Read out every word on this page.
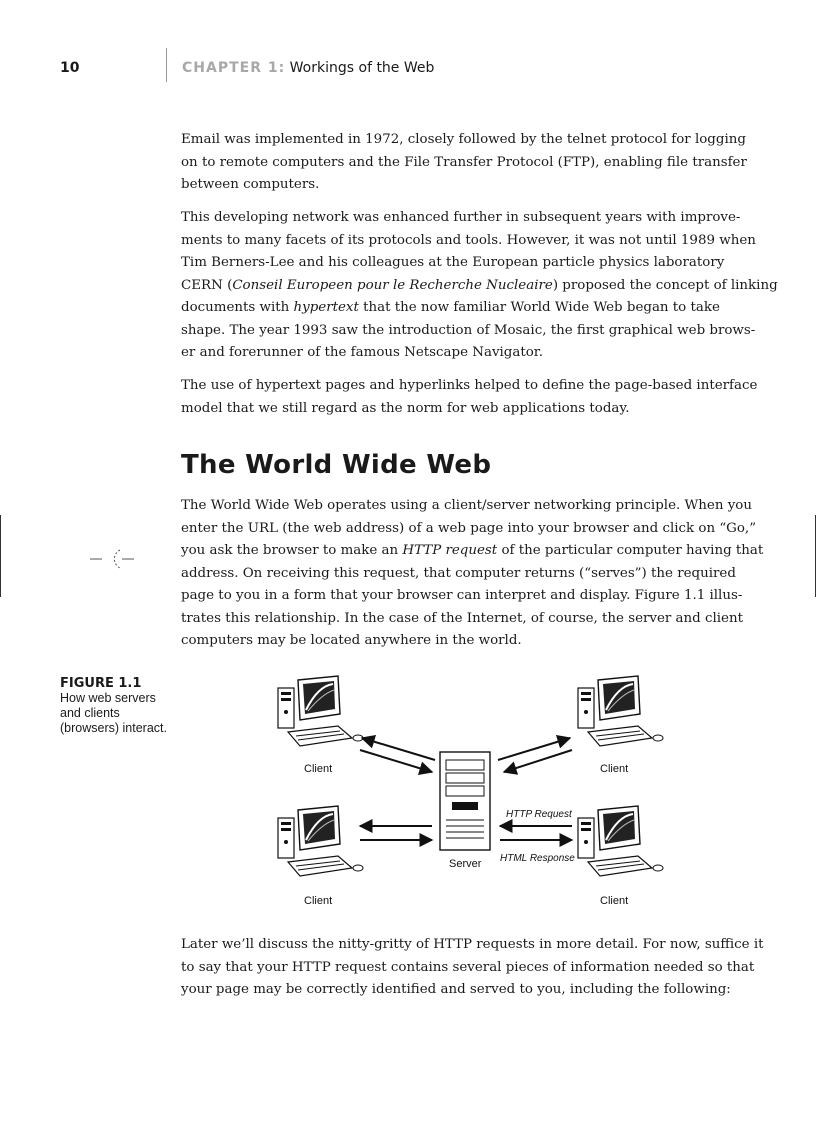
10	CHAPTER 1: Workings of the Web

Email was implemented in 1972, closely followed by the telnet protocol for logging
on to remote computers and the File Transfer Protocol (FTP), enabling file transfer
between computers.

This developing network was enhanced further in subsequent years with improve-
ments to many facets of its protocols and tools. However, it was not until 1989 when
Tim Berners-Lee and his colleagues at the European particle physics laboratory
CERN (Conseil Europeen pour le Recherche Nucleaire) proposed the concept of linking
documents with hypertext that the now familiar World Wide Web began to take
shape. The year 1993 saw the introduction of Mosaic, the first graphical web brows-
er and forerunner of the famous Netscape Navigator.

The use of hypertext pages and hyperlinks helped to define the page-based interface
model that we still regard as the norm for web applications today.

The World Wide Web

The World Wide Web operates using a client/server networking principle. When you
enter the URL (the web address) of a web page into your browser and click on “Go,”
you ask the browser to make an HTTP request of the particular computer having that
address. On receiving this request, that computer returns (“serves”) the required
page to you in a form that your browser can interpret and display. Figure 1.1 illus-
trates this relationship. In the case of the Internet, of course, the server and client
computers may be located anywhere in the world.

FIGURE 1.1
How web servers and clients (browsers) interact.
Client	Client
Client	Client
Server
HTTP Request
HTML Response

Later we’ll discuss the nitty-gritty of HTTP requests in more detail. For now, suffice it
to say that your HTTP request contains several pieces of information needed so that
your page may be correctly identified and served to you, including the following:
